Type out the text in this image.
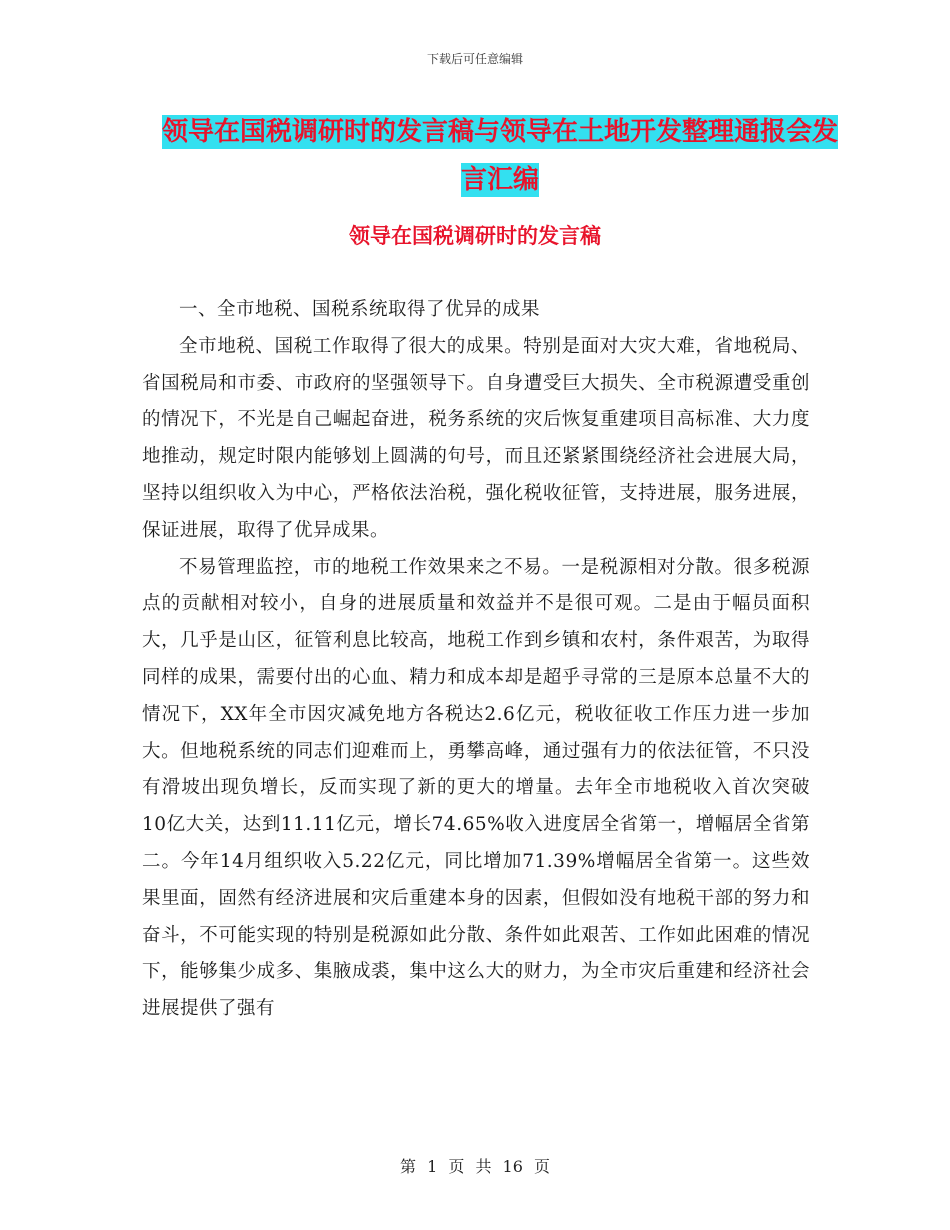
下载后可任意编辑
领导在国税调研时的发言稿与领导在土地开发整理通报会发言汇编
领导在国税调研时的发言稿

一、全市地税、国税系统取得了优异的成果

全市地税、国税工作取得了很大的成果。特别是面对大灾大难，省地税局、省国税局和市委、市政府的坚强领导下。自身遭受巨大损失、全市税源遭受重创的情况下，不光是自己崛起奋进，税务系统的灾后恢复重建项目高标准、大力度地推动，规定时限内能够划上圆满的句号，而且还紧紧围绕经济社会进展大局，坚持以组织收入为中心，严格依法治税，强化税收征管，支持进展，服务进展，保证进展，取得了优异成果。

不易管理监控，市的地税工作效果来之不易。一是税源相对分散。很多税源点的贡献相对较小，自身的进展质量和效益并不是很可观。二是由于幅员面积大，几乎是山区，征管利息比较高，地税工作到乡镇和农村，条件艰苦，为取得同样的成果，需要付出的心血、精力和成本却是超乎寻常的三是原本总量不大的情况下，XX年全市因灾减免地方各税达2.6亿元，税收征收工作压力进一步加大。但地税系统的同志们迎难而上，勇攀高峰，通过强有力的依法征管，不只没有滑坡出现负增长，反而实现了新的更大的增量。去年全市地税收入首次突破10亿大关，达到11.11亿元，增长74.65%收入进度居全省第一，增幅居全省第二。今年14月组织收入5.22亿元，同比增加71.39%增幅居全省第一。这些效果里面，固然有经济进展和灾后重建本身的因素，但假如没有地税干部的努力和奋斗，不可能实现的特别是税源如此分散、条件如此艰苦、工作如此困难的情况下，能够集少成多、集腋成裘，集中这么大的财力，为全市灾后重建和经济社会进展提供了强有

第 1 页 共 16 页
